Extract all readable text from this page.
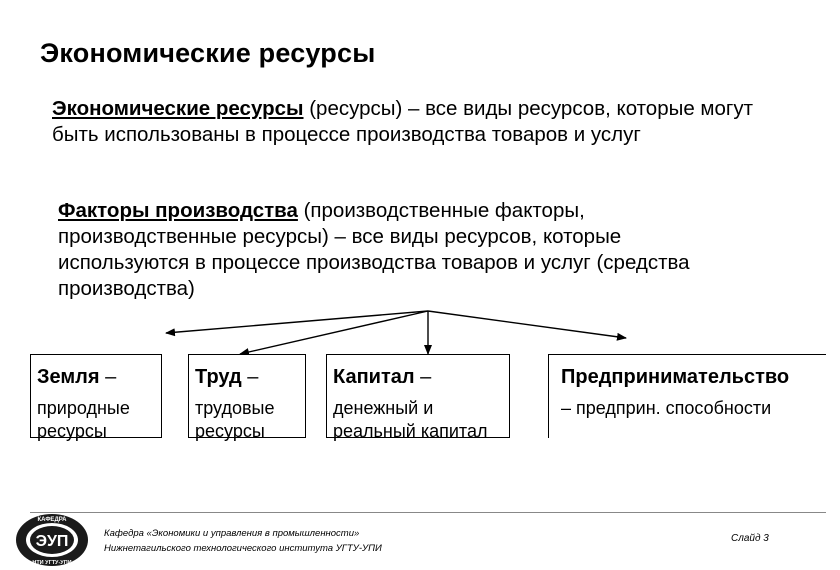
Экономические ресурсы
Экономические ресурсы (ресурсы) – все виды ресурсов, которые могут быть использованы в процессе производства товаров и услуг
Факторы производства (производственные факторы, производственные ресурсы) – все виды ресурсов, которые используются в процессе производства товаров и услуг (средства производства)
Земля –
природные
ресурсы
Труд –
трудовые
ресурсы
Капитал –
денежный и
реальный капитал
Предпринимательство
– предприн. способности
ЭУП
КАФЕДРА
НТИ УГТУ-УПИ
Кафедра «Экономики и управления в промышленности»
Нижнетагильского технологического института УГТУ-УПИ
Слайд 3
